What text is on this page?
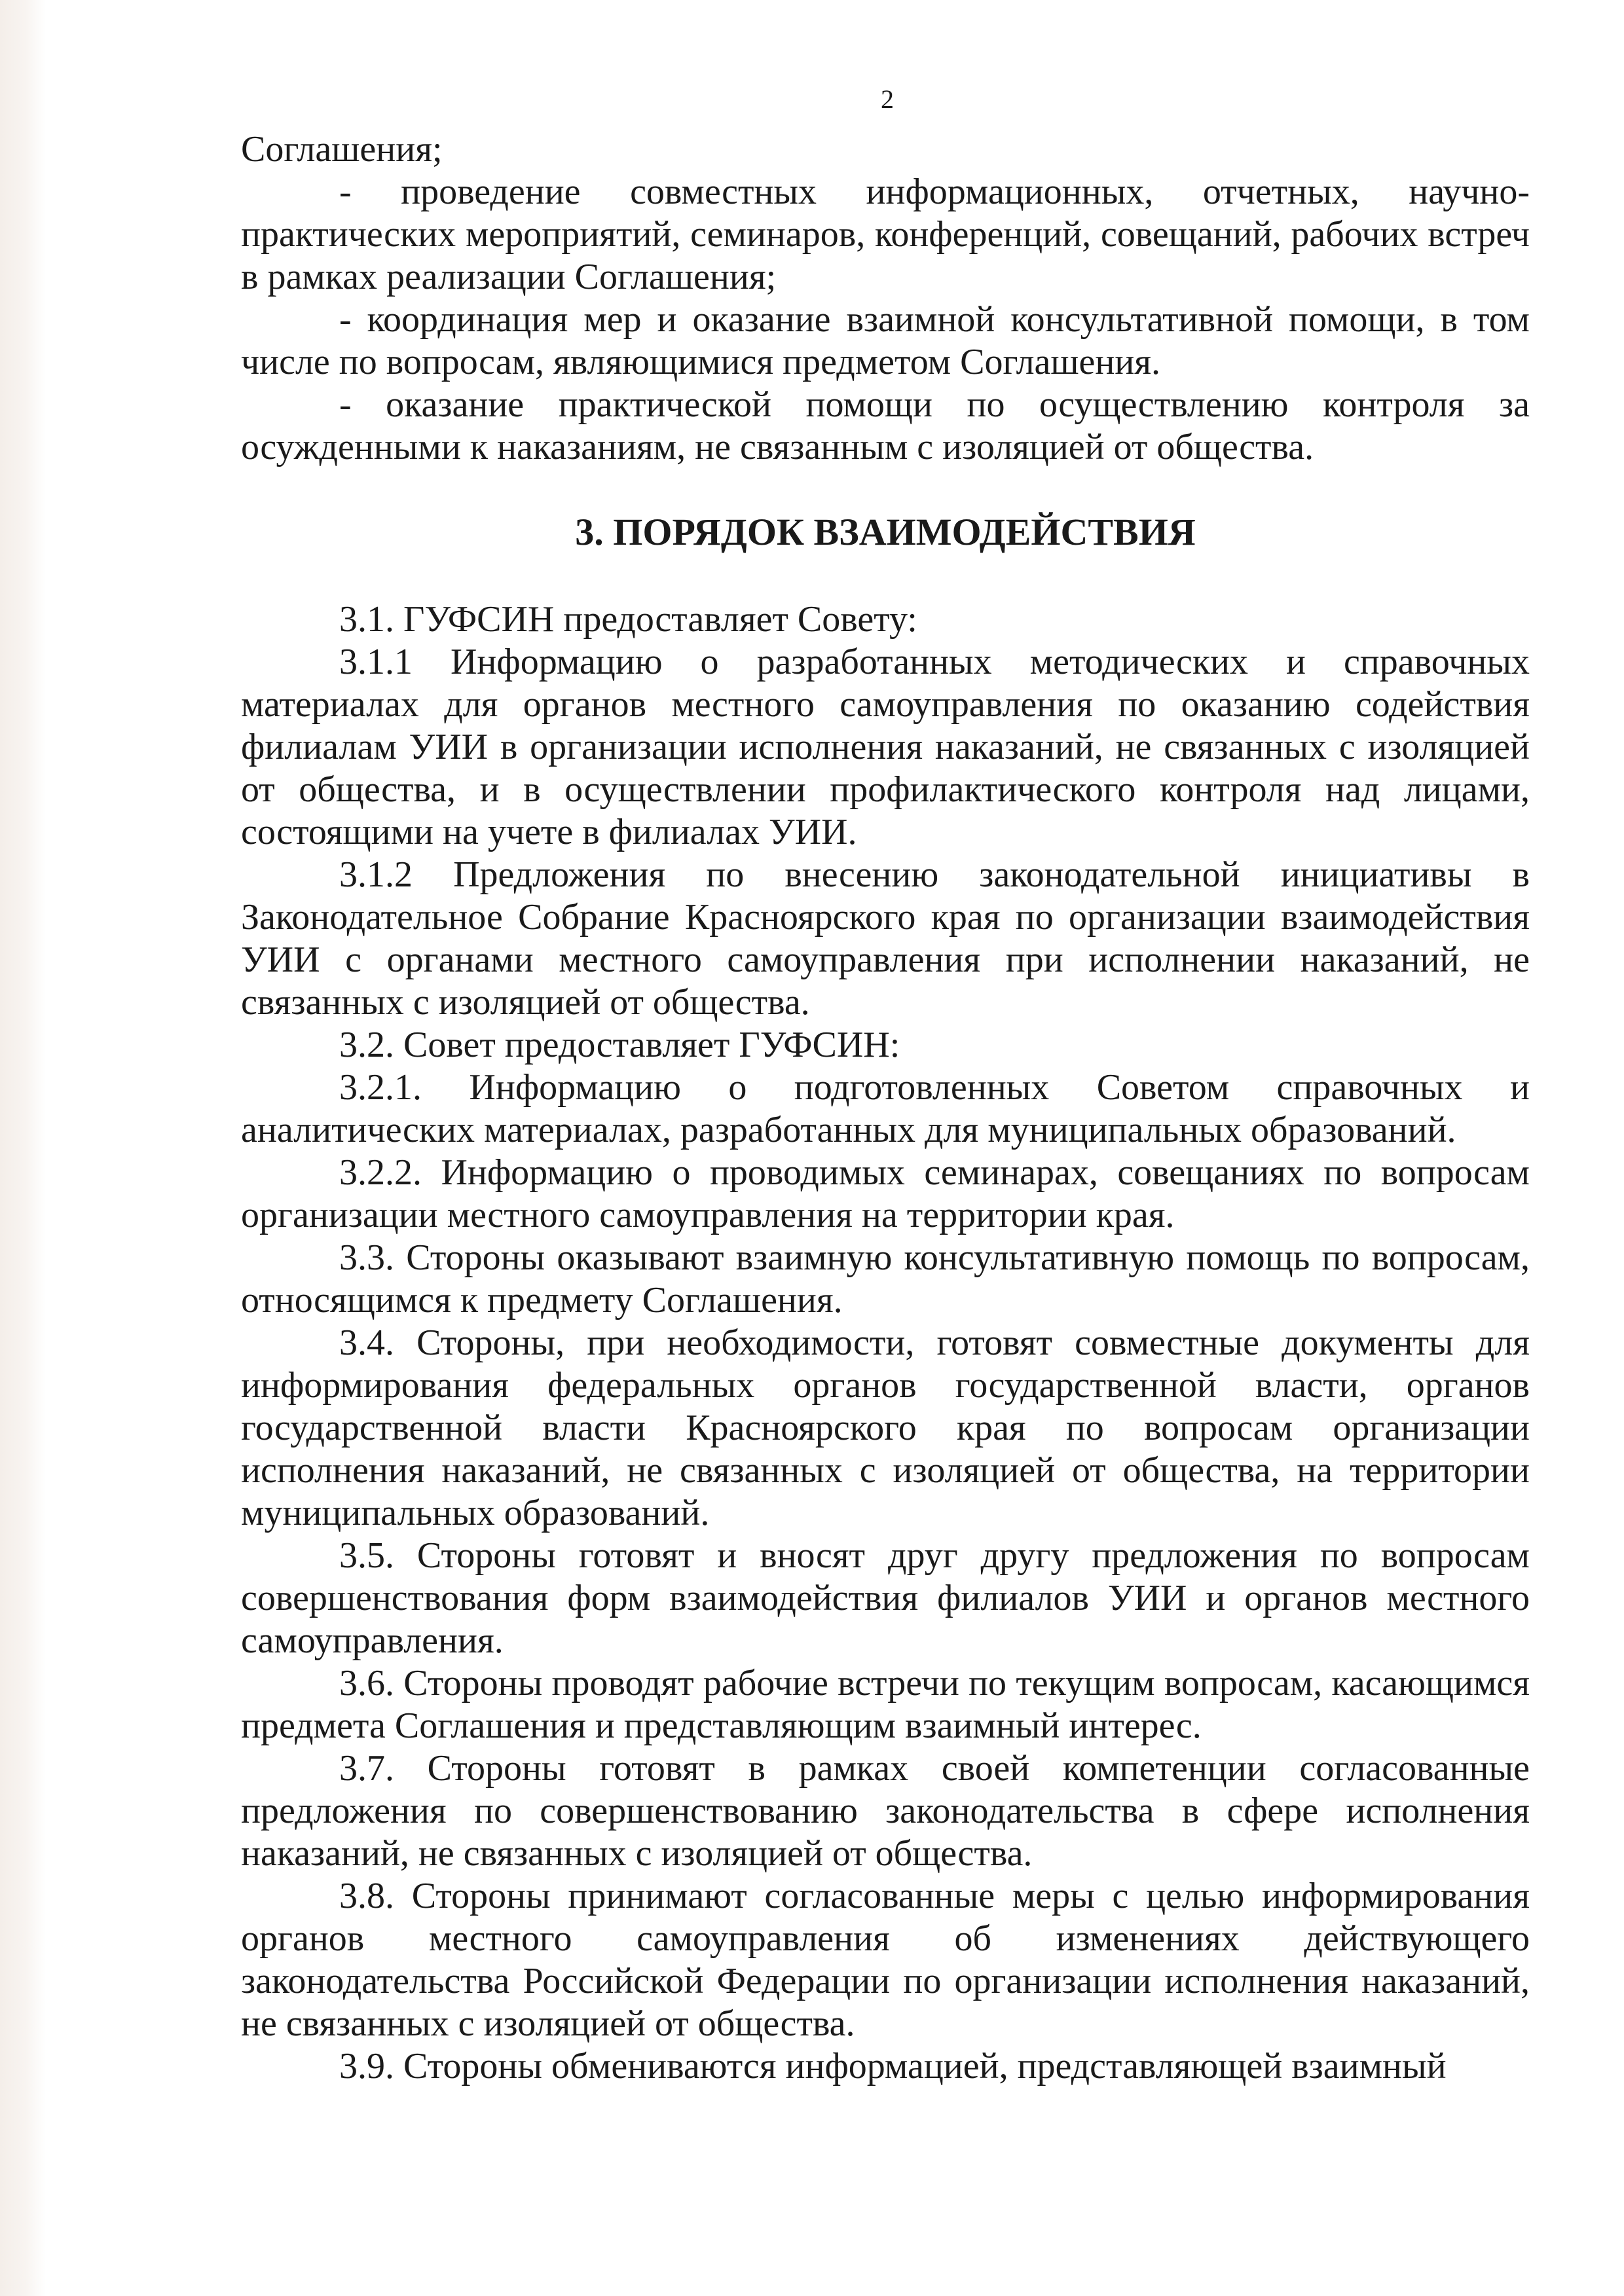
2

Соглашения;

- проведение совместных информационных, отчетных, научно-практических мероприятий, семинаров, конференций, совещаний, рабочих встреч в рамках реализации Соглашения;

- координация мер и оказание взаимной консультативной помощи, в том числе по вопросам, являющимися предметом Соглашения.

- оказание практической помощи по осуществлению контроля за осужденными к наказаниям, не связанным с изоляцией от общества.

3. ПОРЯДОК ВЗАИМОДЕЙСТВИЯ

3.1. ГУФСИН предоставляет Совету:

3.1.1 Информацию о разработанных методических и справочных материалах для органов местного самоуправления по оказанию содействия филиалам УИИ в организации исполнения наказаний, не связанных с изоляцией от общества, и в осуществлении профилактического контроля над лицами, состоящими на учете в филиалах УИИ.

3.1.2 Предложения по внесению законодательной инициативы в Законодательное Собрание Красноярского края по организации взаимодействия УИИ с органами местного самоуправления при исполнении наказаний, не связанных с изоляцией от общества.

3.2. Совет предоставляет ГУФСИН:

3.2.1. Информацию о подготовленных Советом справочных и аналитических материалах, разработанных для муниципальных образований.

3.2.2. Информацию о проводимых семинарах, совещаниях по вопросам организации местного самоуправления на территории края.

3.3. Стороны оказывают взаимную консультативную помощь по вопросам, относящимся к предмету Соглашения.

3.4. Стороны, при необходимости, готовят совместные документы для информирования федеральных органов государственной власти, органов государственной власти Красноярского края по вопросам организации исполнения наказаний, не связанных с изоляцией от общества, на территории муниципальных образований.

3.5. Стороны готовят и вносят друг другу предложения по вопросам совершенствования форм взаимодействия филиалов УИИ и органов местного самоуправления.

3.6. Стороны проводят рабочие встречи по текущим вопросам, касающимся предмета Соглашения и представляющим взаимный интерес.

3.7. Стороны готовят в рамках своей компетенции согласованные предложения по совершенствованию законодательства в сфере исполнения наказаний, не связанных с изоляцией от общества.

3.8. Стороны принимают согласованные меры с целью информирования органов местного самоуправления об изменениях действующего законодательства Российской Федерации по организации исполнения наказаний, не связанных с изоляцией от общества.

3.9. Стороны обмениваются информацией, представляющей взаимный
